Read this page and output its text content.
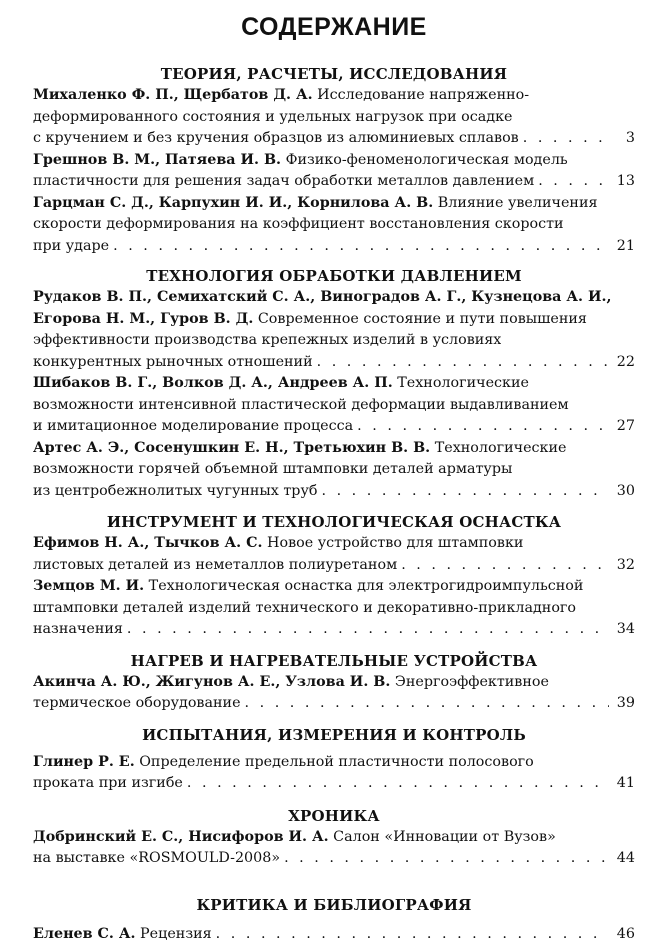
СОДЕРЖАНИЕ
ТЕОРИЯ, РАСЧЕТЫ, ИССЛЕДОВАНИЯ
Михаленко Ф. П., Щербатов Д. А. Исследование напряженно-
деформированного состояния и удельных нагрузок при осадке
с кручением и без кручения образцов из алюминиевых сплавов . . .	3
Грешнов В. М., Патяева И. В. Физико-феноменологическая модель
пластичности для решения задач обработки металлов давлением . . .	13
Гарцман С. Д., Карпухин И. И., Корнилова А. В. Влияние увеличения
скорости деформирования на коэффициент восстановления скорости
при ударе . . .	21
ТЕХНОЛОГИЯ ОБРАБОТКИ ДАВЛЕНИЕМ
Рудаков В. П., Семихатский С. А., Виноградов А. Г., Кузнецова А. И.,
Егорова Н. М., Гуров В. Д. Современное состояние и пути повышения
эффективности производства крепежных изделий в условиях
конкурентных рыночных отношений . . .	22
Шибаков В. Г., Волков Д. А., Андреев А. П. Технологические
возможности интенсивной пластической деформации выдавливанием
и имитационное моделирование процесса . . .	27
Артес А. Э., Сосенушкин Е. Н., Третьюхин В. В. Технологические
возможности горячей объемной штамповки деталей арматуры
из центробежнолитых чугунных труб . . .	30
ИНСТРУМЕНТ И ТЕХНОЛОГИЧЕСКАЯ ОСНАСТКА
Ефимов Н. А., Тычков А. С. Новое устройство для штамповки
листовых деталей из неметаллов полиуретаном . . .	32
Земцов М. И. Технологическая оснастка для электрогидроимпульсной
штамповки деталей изделий технического и декоративно-прикладного
назначения . . .	34
НАГРЕВ И НАГРЕВАТЕЛЬНЫЕ УСТРОЙСТВА
Акинча А. Ю., Жигунов А. Е., Узлова И. В. Энергоэффективное
термическое оборудование . . .	39
ИСПЫТАНИЯ, ИЗМЕРЕНИЯ И КОНТРОЛЬ
Глинер Р. Е. Определение предельной пластичности полосового
проката при изгибе . . .	41
ХРОНИКА
Добринский Е. С., Нисифоров И. А. Салон «Инновации от Вузов»
на выставке «ROSMOULD-2008» . . .	44
КРИТИКА И БИБЛИОГРАФИЯ
Еленев С. А. Рецензия . . .	46
